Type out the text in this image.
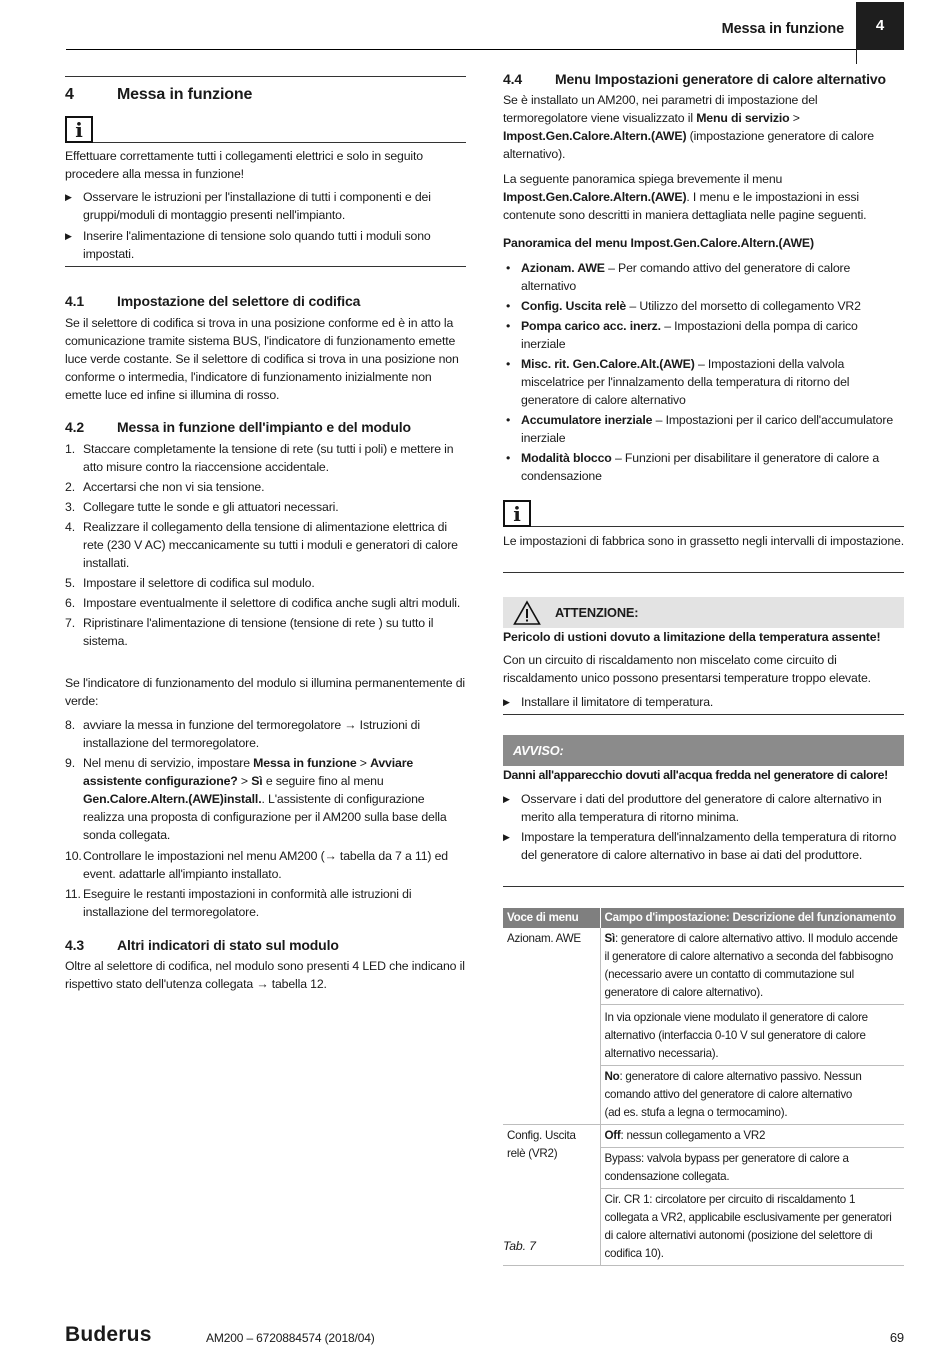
Messa in funzione	4
4	Messa in funzione
i

Effettuare correttamente tutti i collegamenti elettrici e solo in seguito procedere alla messa in funzione!

▶ Osservare le istruzioni per l'installazione di tutti i componenti e dei gruppi/moduli di montaggio presenti nell'impianto.
▶ Inserire l'alimentazione di tensione solo quando tutti i moduli sono impostati.
4.1	Impostazione del selettore di codifica

Se il selettore di codifica si trova in una posizione conforme ed è in atto la comunicazione tramite sistema BUS, l'indicatore di funzionamento emette luce verde costante. Se il selettore di codifica si trova in una posizione non conforme o intermedia, l'indicatore di funzionamento inizialmente non emette luce ed infine si illumina di rosso.

4.2	Messa in funzione dell'impianto e del modulo
1. Staccare completamente la tensione di rete (su tutti i poli) e mettere in atto misure contro la riaccensione accidentale.
2. Accertarsi che non vi sia tensione.
3. Collegare tutte le sonde e gli attuatori necessari.
4. Realizzare il collegamento della tensione di alimentazione elettrica di rete (230 V AC) meccanicamente su tutti i moduli e generatori di calore installati.
5. Impostare il selettore di codifica sul modulo.
6. Impostare eventualmente il selettore di codifica anche sugli altri moduli.
7. Ripristinare l'alimentazione di tensione (tensione di rete ) su tutto il sistema.

Se l'indicatore di funzionamento del modulo si illumina permanentemente di verde:

8. avviare la messa in funzione del termoregolatore → Istruzioni di installazione del termoregolatore.
9. Nel menu di servizio, impostare Messa in funzione > Avviare assistente configurazione? > Sì e seguire fino al menu Gen.Calore.Altern.(AWE)install.. L'assistente di configurazione realizza una proposta di configurazione per il AM200 sulla base della sonda collegata.
10. Controllare le impostazioni nel menu AM200 (→ tabella da 7 a 11) ed event. adattarle all'impianto installato.
11. Eseguire le restanti impostazioni in conformità alle istruzioni di installazione del termoregolatore.
4.3	Altri indicatori di stato sul modulo

Oltre al selettore di codifica, nel modulo sono presenti 4 LED che indicano il rispettivo stato dell'utenza collegata → tabella 12.

4.4	Menu Impostazioni generatore di calore alternativo

Se è installato un AM200, nei parametri di impostazione del termoregolatore viene visualizzato il Menu di servizio > Impost.Gen.Calore.Altern.(AWE) (impostazione generatore di calore alternativo).

La seguente panoramica spiega brevemente il menu Impost.Gen.Calore.Altern.(AWE). I menu e le impostazioni in essi contenute sono descritti in maniera dettagliata nelle pagine seguenti.

Panoramica del menu Impost.Gen.Calore.Altern.(AWE)

• Azionam. AWE – Per comando attivo del generatore di calore alternativo
• Config. Uscita relè – Utilizzo del morsetto di collegamento VR2
• Pompa carico acc. inerz. – Impostazioni della pompa di carico inerziale
• Misc. rit. Gen.Calore.Alt.(AWE) – Impostazioni della valvola miscelatrice per l'innalzamento della temperatura di ritorno del generatore di calore alternativo
• Accumulatore inerziale – Impostazioni per il carico dell'accumulatore inerziale
• Modalità blocco – Funzioni per disabilitare il generatore di calore a condensazione
i

Le impostazioni di fabbrica sono in grassetto negli intervalli di impostazione.

ATTENZIONE:

Pericolo di ustioni dovuto a limitazione della temperatura assente!

Con un circuito di riscaldamento non miscelato come circuito di riscaldamento unico possono presentarsi temperature troppo elevate.

▶ Installare il limitatore di temperatura.
AVVISO:

Danni all'apparecchio dovuti all'acqua fredda nel generatore di calore!

▶ Osservare i dati del produttore del generatore di calore alternativo in merito alla temperatura di ritorno minima.
▶ Impostare la temperatura dell'innalzamento della temperatura di ritorno del generatore di calore alternativo in base ai dati del produttore.
Voce di menu	Campo d'impostazione: Descrizione del funzionamento
Azionam. AWE	Sì: generatore di calore alternativo attivo. Il modulo accende il generatore di calore alternativo a seconda del fabbisogno (necessario avere un contatto di commutazione sul generatore di calore alternativo).
	In via opzionale viene modulato il generatore di calore alternativo (interfaccia 0-10 V sul generatore di calore alternativo necessaria).
	No: generatore di calore alternativo passivo. Nessun comando attivo del generatore di calore alternativo
(ad es. stufa a legna o termocamino).
Config. Uscita relè (VR2)	Off: nessun collegamento a VR2
	Bypass: valvola bypass per generatore di calore a condensazione collegata.
	Cir. CR 1: circolatore per circuito di riscaldamento 1 collegata a VR2, applicabile esclusivamente per generatori di calore alternativi autonomi (posizione del selettore di codifica 10).

Tab. 7

Buderus	AM200 – 6720884574 (2018/04)	69
